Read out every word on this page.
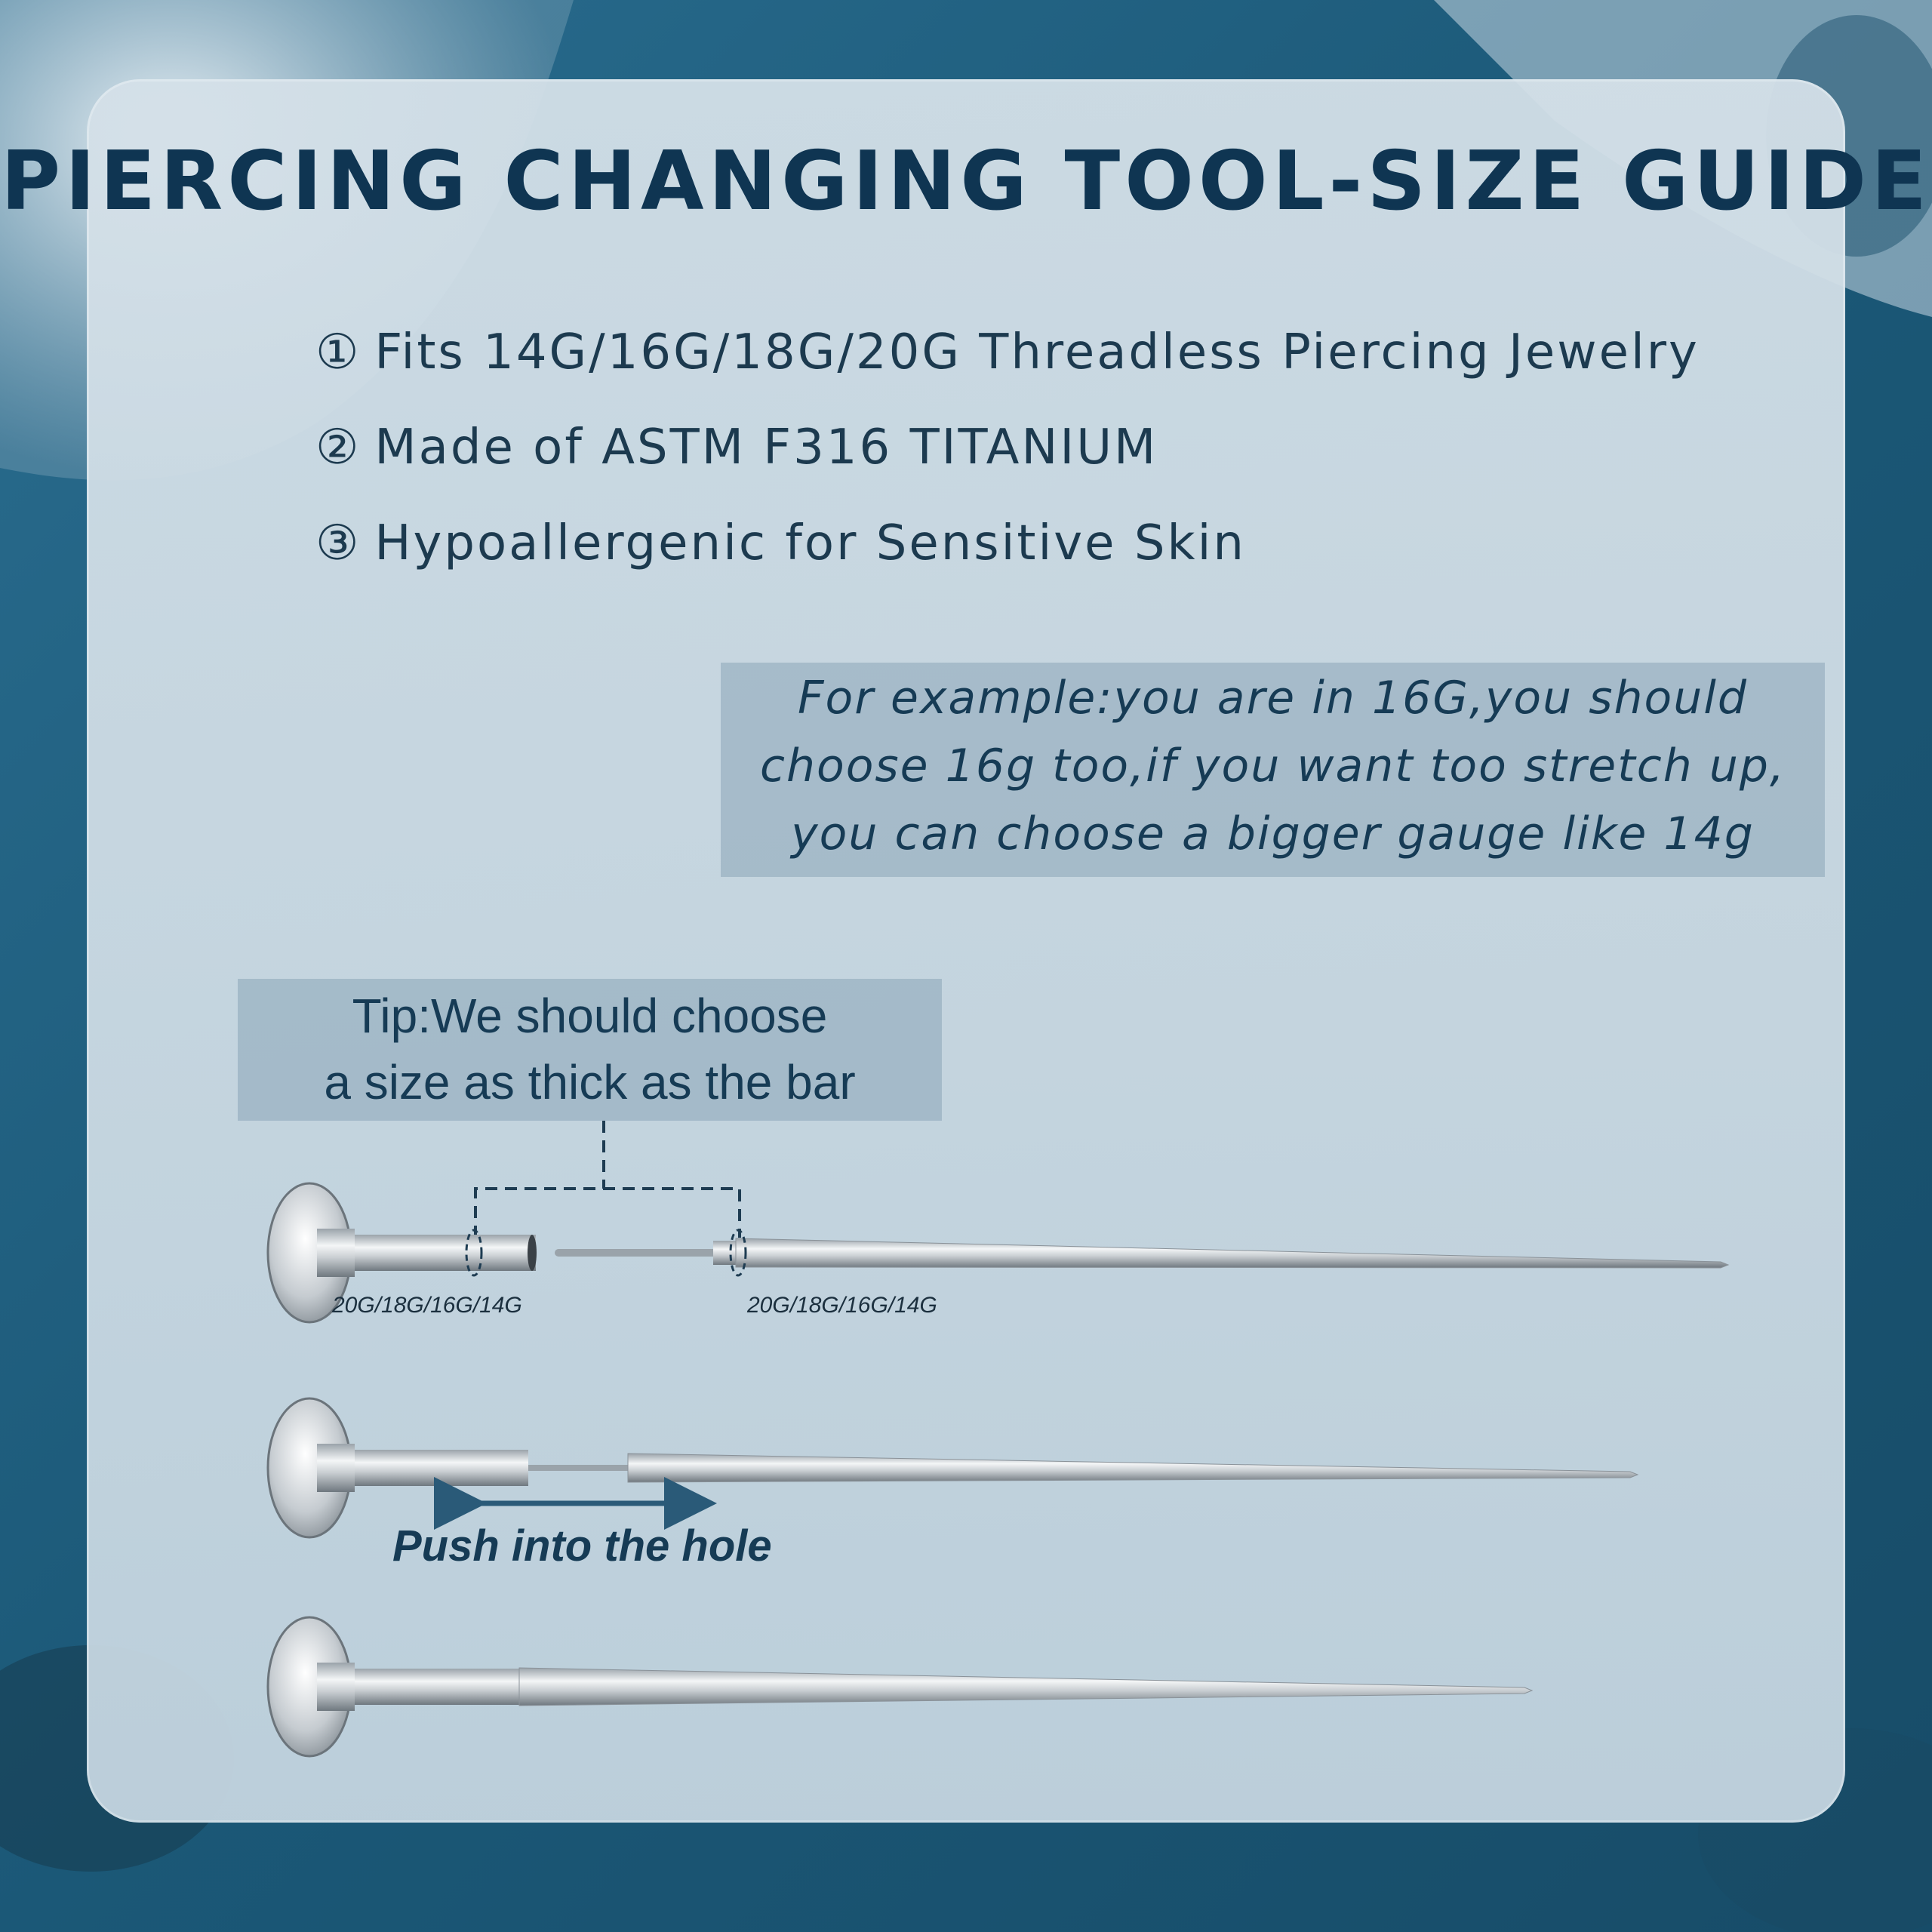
PIERCING CHANGING TOOL-SIZE GUIDE
① Fits 14G/16G/18G/20G Threadless Piercing Jewelry
② Made of ASTM F316 TITANIUM
③ Hypoallergenic for Sensitive Skin
For example:you are in 16G,you should
choose 16g too,if you want too stretch up,
you can choose a bigger gauge like 14g
Tip:We should choose
a size as thick as the bar
20G/18G/16G/14G	20G/18G/16G/14G
Push into the hole
